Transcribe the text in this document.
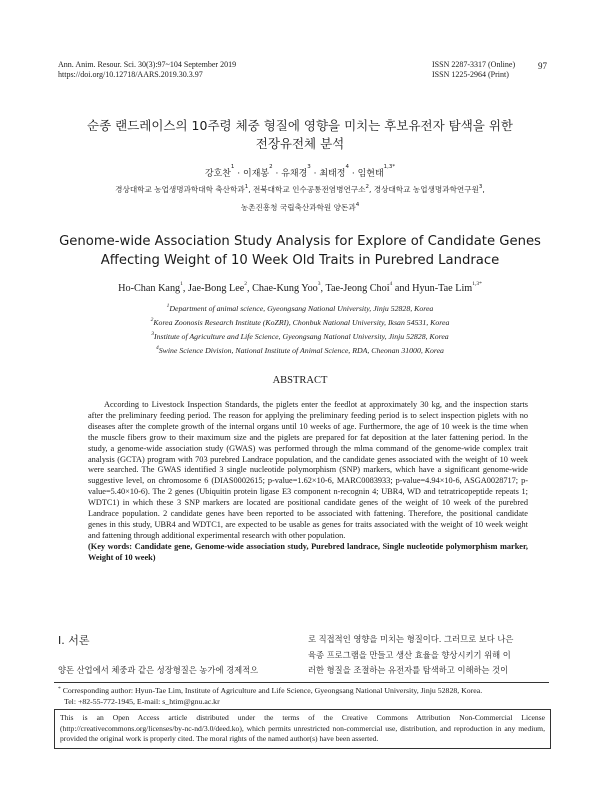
Ann. Anim. Resour. Sci. 30(3):97~104 September 2019
https://doi.org/10.12718/AARS.2019.30.3.97
ISSN 2287-3317 (Online)
ISSN 1225-2964 (Print)
97
순종 랜드레이스의 10주령 체중 형질에 영향을 미치는 후보유전자 탐색을 위한
전장유전체 분석
강호찬$^1$ · 이재봉$^2$ · 유채경$^3$ · 최태정$^4$ · 임현태$^{1,3*}$
경상대학교 농업생명과학대학 축산학과$^1$, 전북대학교 인수공통전염병연구소$^2$, 경상대학교 농업생명과학연구원$^3$,
농촌진흥청 국립축산과학원 양돈과$^4$
Genome-wide Association Study Analysis for Explore of Candidate Genes
Affecting Weight of 10 Week Old Traits in Purebred Landrace
Ho-Chan Kang$^1$, Jae-Bong Lee$^2$, Chae-Kung Yoo$^3$, Tae-Jeong Choi$^4$ and Hyun-Tae Lim$^{1,3*}$
$^1$Department of animal science, Gyeongsang National University, Jinju 52828, Korea
$^2$Korea Zoonosis Research Institute (KoZRI), Chonbuk National University, Iksan 54531, Korea
$^3$Institute of Agriculture and Life Science, Gyeongsang National University, Jinju 52828, Korea
$^4$Swine Science Division, National Institute of Animal Science, RDA, Cheonan 31000, Korea
ABSTRACT
According to Livestock Inspection Standards, the piglets enter the feedlot at approximately 30 kg, and the inspection starts after the preliminary feeding period. The reason for applying the preliminary feeding period is to select inspection piglets with no diseases after the complete growth of the internal organs until 10 weeks of age. Furthermore, the age of 10 week is the time when the muscle fibers grow to their maximum size and the piglets are prepared for fat deposition at the later fattening period. In the study, a genome-wide association study (GWAS) was performed through the mlma command of the genome-wide complex trait analysis (GCTA) program with 703 purebred Landrace population, and the candidate genes associated with the weight of 10 week were searched. The GWAS identified 3 single nucleotide polymorphism (SNP) markers, which have a significant genome-wide suggestive level, on chromosome 6 (DIAS0002615; p-value=1.62×10-6, MARC0083933; p-value=4.94×10-6, ASGA0028717; p-value=5.40×10-6). The 2 genes (Ubiquitin protein ligase E3 component n-recognin 4; UBR4, WD and tetratricopeptide repeats 1; WDTC1) in which these 3 SNP markers are located are positional candidate genes of the weight of 10 week of the purebred Landrace population. 2 candidate genes have been reported to be associated with fattening. Therefore, the positional candidate genes in this study, UBR4 and WDTC1, are expected to be usable as genes for traits associated with the weight of 10 week weight and fattening through additional experimental research with other population.
(Key words: Candidate gene, Genome-wide association study, Purebred landrace, Single nucleotide polymorphism marker, Weight of 10 week)
Ⅰ. 서론
양돈 산업에서 체중과 같은 성장형질은 농가에 경제적으
로 직접적인 영향을 미치는 형질이다. 그러므로 보다 나은
육종 프로그램을 만들고 생산 효율을 향상시키기 위해 이
러한 형질을 조절하는 유전자를 탐색하고 이해하는 것이
* Corresponding author: Hyun-Tae Lim, Institute of Agriculture and Life Science, Gyeongsang National University, Jinju 52828, Korea.
Tel: +82-55-772-1945, E-mail: s_htim@gnu.ac.kr
This is an Open Access article distributed under the terms of the Creative Commons Attribution Non-Commercial License (http://creativecommons.org/licenses/by-nc-nd/3.0/deed.ko), which permits unrestricted non-commercial use, distribution, and reproduction in any medium, provided the original work is properly cited. The moral rights of the named author(s) have been asserted.
